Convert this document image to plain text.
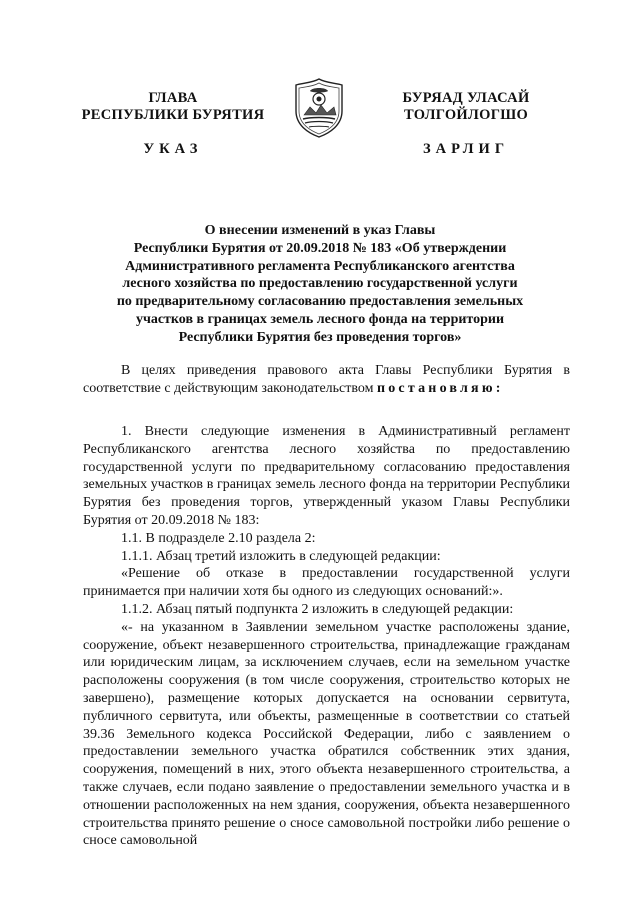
ГЛАВА
РЕСПУБЛИКИ БУРЯТИЯ
БУРЯАД УЛАСАЙ
ТОЛГОЙЛОГШО
УКАЗ	ЗАРЛИГ
О внесении изменений в указ Главы
Республики Бурятия от 20.09.2018 № 183 «Об утверждении
Административного регламента Республиканского агентства
лесного хозяйства по предоставлению государственной услуги
по предварительному согласованию предоставления земельных
участков в границах земель лесного фонда на территории
Республики Бурятия без проведения торгов»

В целях приведения правового акта Главы Республики Бурятия в соответствие с действующим законодательством постановляю:

1. Внести следующие изменения в Административный регламент Республиканского агентства лесного хозяйства по предоставлению государственной услуги по предварительному согласованию предоставления земельных участков в границах земель лесного фонда на территории Республики Бурятия без проведения торгов, утвержденный указом Главы Республики Бурятия от 20.09.2018 № 183:

1.1. В подразделе 2.10 раздела 2:

1.1.1. Абзац третий изложить в следующей редакции:

«Решение об отказе в предоставлении государственной услуги принимается при наличии хотя бы одного из следующих оснований:».

1.1.2. Абзац пятый подпункта 2 изложить в следующей редакции:

«- на указанном в Заявлении земельном участке расположены здание, сооружение, объект незавершенного строительства, принадлежащие гражданам или юридическим лицам, за исключением случаев, если на земельном участке расположены сооружения (в том числе сооружения, строительство которых не завершено), размещение которых допускается на основании сервитута, публичного сервитута, или объекты, размещенные в соответствии со статьей 39.36 Земельного кодекса Российской Федерации, либо с заявлением о предоставлении земельного участка обратился собственник этих здания, сооружения, помещений в них, этого объекта незавершенного строительства, а также случаев, если подано заявление о предоставлении земельного участка и в отношении расположенных на нем здания, сооружения, объекта незавершенного строительства принято решение о сносе самовольной постройки либо решение о сносе самовольной
